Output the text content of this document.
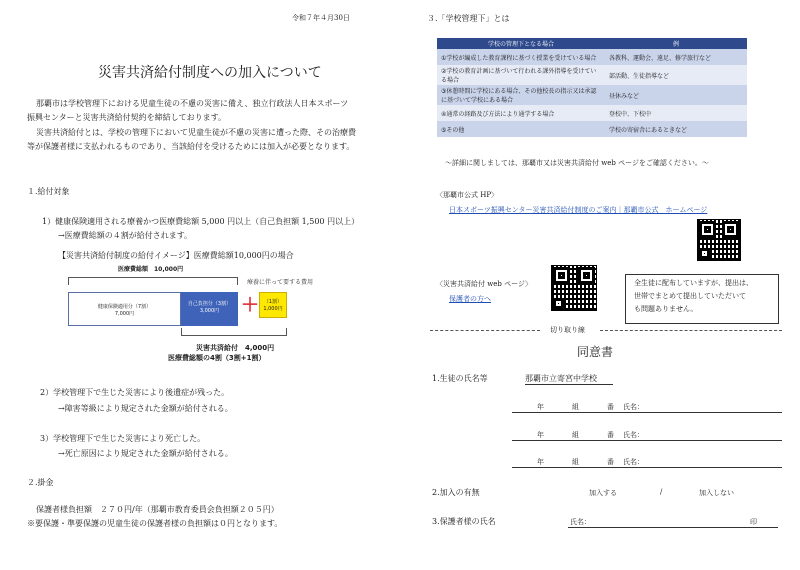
令和７年４月30日
災害共済給付制度への加入について
那覇市は学校管理下における児童生徒の不慮の災害に備え、独立行政法人日本スポーツ
振興センターと災害共済給付契約を締結しております。
災害共済給付とは、学校の管理下において児童生徒が不慮の災害に遭った際、その治療費
等が保護者様に支払われるものであり、当該給付を受けるためには加入が必要となります。
１.給付対象
1）健康保険適用される療養かつ医療費総額 5,000 円以上（自己負担額 1,500 円以上）
→医療費総額の４割が給付されます。
【災害共済給付制度の給付イメージ】医療費総額10,000円の場合
医療費総額　10,000円
療養に伴って要する費用
健康保険適用分（7割）
7,000円
自己負担分（3割）
3,000円	＋ （1割）
1,000円
災害共済給付　4,000円
医療費総額の4割（3割+1割）
2）学校管理下で生じた災害により後遺症が残った。
→障害等級により規定された金額が給付される。
3）学校管理下で生じた災害により死亡した。
→死亡原因により規定された金額が給付される。
２.掛金
保護者様負担額　２７０円/年（那覇市教育委員会負担額２０５円）
※要保護・準要保護の児童生徒の保護者様の負担額は０円となります。
３.「学校管理下」とは
学校の管理下となる場合	例
①学校が編成した教育課程に基づく授業を受けている場合	各教科、運動会、遠足、修学旅行など
②学校の教育計画に基づいて行われる課外指導を受けている場合	部活動、生徒指導など
③休憩時間に学校にある場合、その他校長の指示又は承認に基づいて学校にある場合	昼休みなど
④通常の経路及び方法により通学する場合	登校中、下校中
⑤その他	学校の寄宿舎にあるときなど
～詳細に関しましては、那覇市又は災害共済給付 web ページをご確認ください。～
〈那覇市公式 HP〉
日本スポーツ振興センター災害共済給付制度のご案内｜那覇市公式　ホームページ
〈災害共済給付 web ページ〉
保護者の方へ
全生徒に配布していますが、提出は、
世帯でまとめて提出していただいて
も問題ありません。
切り取り線
同意書
1.生徒の氏名等	那覇市立寄宮中学校
年	組	番 氏名：
年	組	番 氏名：
年	組	番 氏名：
2.加入の有無	加入する	/	加入しない
3.保護者様の氏名	氏名：	印
